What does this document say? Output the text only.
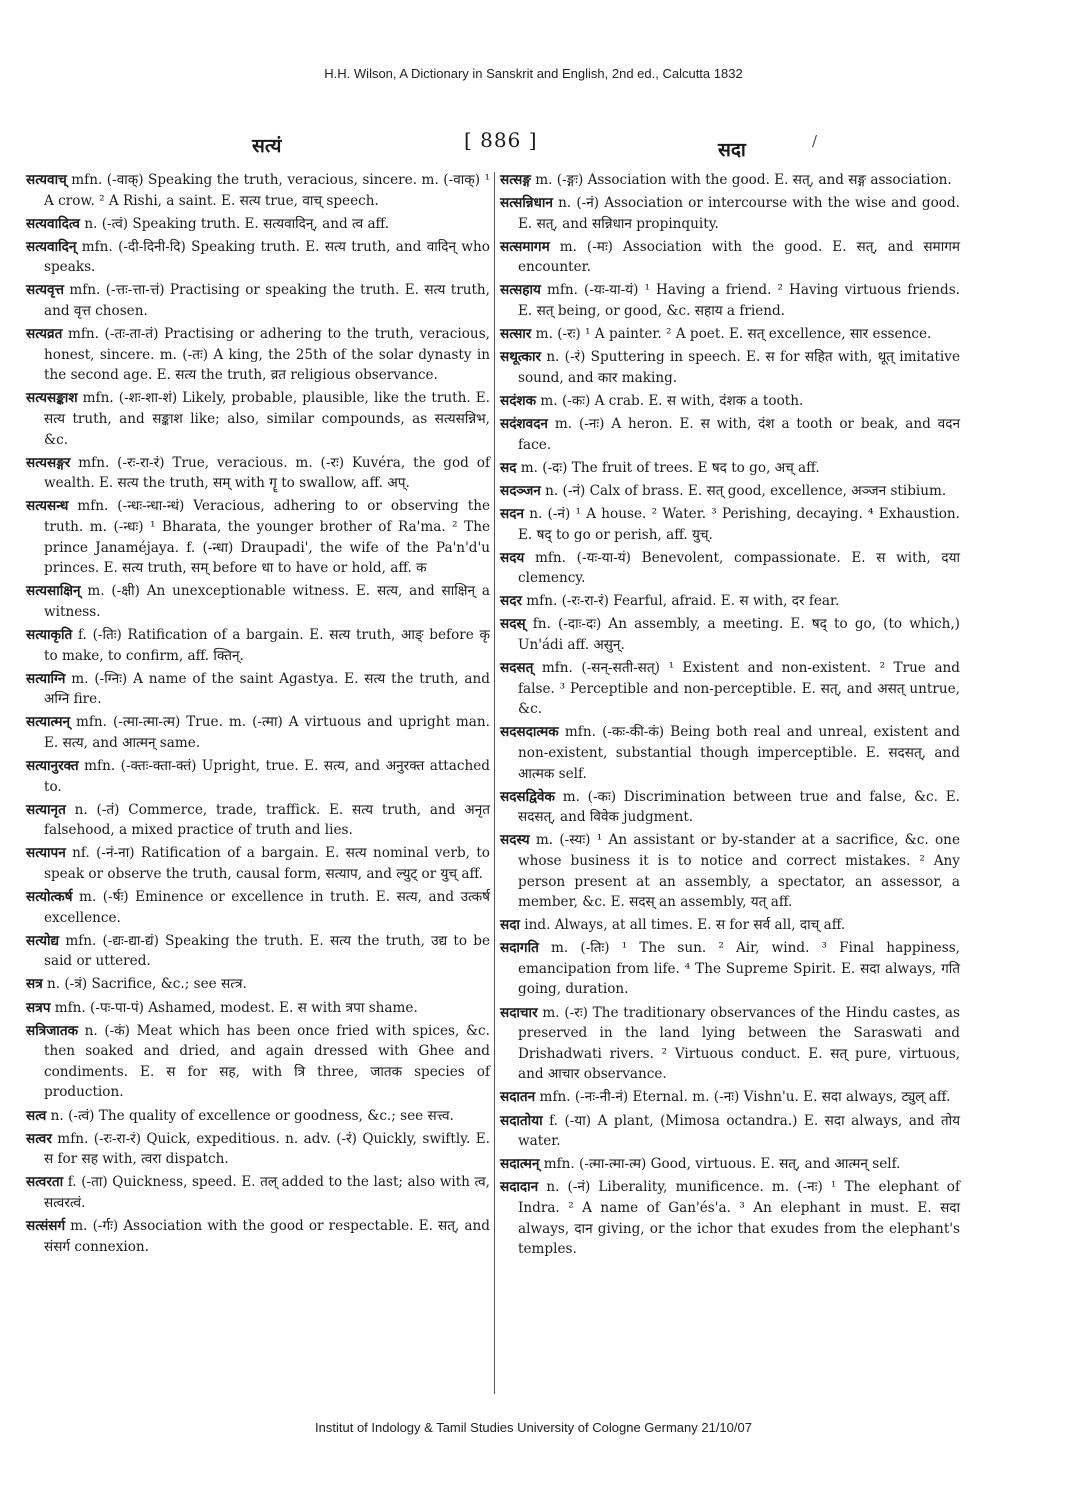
H.H. Wilson, A Dictionary in Sanskrit and English, 2nd ed., Calcutta 1832
सत्यं	[ 886 ]	सदा	/

सत्यवाच् mfn. (-वाक्) Speaking the truth, veracious, sincere. m. (-वाक्) ¹ A crow. ² A Rishi, a saint. E. सत्य true, वाच् speech.

सत्यवादित्व n. (-त्वं) Speaking truth. E. सत्यवादिन्, and त्व aff.

सत्यवादिन् mfn. (-दी-दिनी-दि) Speaking truth. E. सत्य truth, and वादिन् who speaks.

सत्यवृत्त mfn. (-त्तः-त्ता-त्तं) Practising or speaking the truth. E. सत्य truth, and वृत्त chosen.

सत्यव्रत mfn. (-तः-ता-तं) Practising or adhering to the truth, veracious, honest, sincere. m. (-तः) A king, the 25th of the solar dynasty in the second age. E. सत्य the truth, व्रत religious observance.

सत्यसङ्काश mfn. (-शः-शा-शं) Likely, probable, plausible, like the truth. E. सत्य truth, and सङ्काश like; also, similar compounds, as सत्यसन्निभ, &c.

सत्यसङ्गर mfn. (-रः-रा-रं) True, veracious. m. (-रः) Kuvéra, the god of wealth. E. सत्य the truth, सम् with गॄ to swallow, aff. अप्.

सत्यसन्ध mfn. (-न्धः-न्धा-न्धं) Veracious, adhering to or observing the truth. m. (-न्धः) ¹ Bharata, the younger brother of Ra'ma. ² The prince Janaméjaya. f. (-न्धा) Draupadi', the wife of the Pa'n'd'u princes. E. सत्य truth, सम् before धा to have or hold, aff. क

सत्यसाक्षिन् m. (-क्षी) An unexceptionable witness. E. सत्य, and साक्षिन् a witness.

सत्याकृति f. (-तिः) Ratification of a bargain. E. सत्य truth, आङ् before कृ to make, to confirm, aff. क्तिन्.

सत्याग्नि m. (-ग्निः) A name of the saint Agastya. E. सत्य the truth, and अग्नि fire.

सत्यात्मन् mfn. (-त्मा-त्मा-त्म) True. m. (-त्मा) A virtuous and upright man. E. सत्य, and आत्मन् same.

सत्यानुरक्त mfn. (-क्तः-क्ता-क्तं) Upright, true. E. सत्य, and अनुरक्त attached to.

सत्यानृत n. (-तं) Commerce, trade, traffick. E. सत्य truth, and अनृत falsehood, a mixed practice of truth and lies.

सत्यापन nf. (-नं-ना) Ratification of a bargain. E. सत्य nominal verb, to speak or observe the truth, causal form, सत्याप, and ल्युट् or युच् aff.

सत्योत्कर्ष m. (-र्षः) Eminence or excellence in truth. E. सत्य, and उत्कर्ष excellence.

सत्योद्य mfn. (-द्यः-द्या-द्यं) Speaking the truth. E. सत्य the truth, उद्य to be said or uttered.

सत्र n. (-त्रं) Sacrifice, &c.; see सत्त्र.

सत्रप mfn. (-पः-पा-पं) Ashamed, modest. E. स with त्रपा shame.

सत्रिजातक n. (-कं) Meat which has been once fried with spices, &c. then soaked and dried, and again dressed with Ghee and condiments. E. स for सह, with त्रि three, जातक species of production.

सत्व n. (-त्वं) The quality of excellence or goodness, &c.; see सत्त्व.

सत्वर mfn. (-रः-रा-रं) Quick, expeditious. n. adv. (-रं) Quickly, swiftly. E. स for सह with, त्वरा dispatch.

सत्वरता f. (-ता) Quickness, speed. E. तल् added to the last; also with त्व, सत्वरत्वं.

सत्संसर्ग m. (-र्गः) Association with the good or respectable. E. सत्, and संसर्ग connexion.

सत्सङ्ग m. (-ङ्गः) Association with the good. E. सत्, and सङ्ग association.

सत्सन्निधान n. (-नं) Association or intercourse with the wise and good. E. सत्, and सन्निधान propinquity.

सत्समागम m. (-मः) Association with the good. E. सत्, and समागम encounter.

सत्सहाय mfn. (-यः-या-यं) ¹ Having a friend. ² Having virtuous friends. E. सत् being, or good, &c. सहाय a friend.

सत्सार m. (-रः) ¹ A painter. ² A poet. E. सत् excellence, सार essence.

सथूत्कार n. (-रं) Sputtering in speech. E. स for सहित with, थूत् imitative sound, and कार making.

सदंशक m. (-कः) A crab. E. स with, दंशक a tooth.

सदंशवदन m. (-नः) A heron. E. स with, दंश a tooth or beak, and वदन face.

सद m. (-दः) The fruit of trees. E षद to go, अच् aff.

सदञ्जन n. (-नं) Calx of brass. E. सत् good, excellence, अञ्जन stibium.

सदन n. (-नं) ¹ A house. ² Water. ³ Perishing, decaying. ⁴ Exhaustion. E. षद् to go or perish, aff. युच्.

सदय mfn. (-यः-या-यं) Benevolent, compassionate. E. स with, दया clemency.

सदर mfn. (-रः-रा-रं) Fearful, afraid. E. स with, दर fear.

सदस् fn. (-दाः-दः) An assembly, a meeting. E. षद् to go, (to which,) Un'ádi aff. असुन्.

सदसत् mfn. (-सन्-सती-सत्) ¹ Existent and non-existent. ² True and false. ³ Perceptible and non-perceptible. E. सत्, and असत् untrue, &c.

सदसदात्मक mfn. (-कः-की-कं) Being both real and unreal, existent and non-existent, substantial though imperceptible. E. सदसत्, and आत्मक self.

सदसद्विवेक m. (-कः) Discrimination between true and false, &c. E. सदसत्, and विवेक judgment.

सदस्य m. (-स्यः) ¹ An assistant or by-stander at a sacrifice, &c. one whose business it is to notice and correct mistakes. ² Any person present at an assembly, a spectator, an assessor, a member, &c. E. सदस् an assembly, यत् aff.

सदा ind. Always, at all times. E. स for सर्व all, दाच् aff.

सदागति m. (-तिः) ¹ The sun. ² Air, wind. ³ Final happiness, emancipation from life. ⁴ The Supreme Spirit. E. सदा always, गति going, duration.

सदाचार m. (-रः) The traditionary observances of the Hindu castes, as preserved in the land lying between the Saraswati and Drishadwati rivers. ² Virtuous conduct. E. सत् pure, virtuous, and आचार observance.

सदातन mfn. (-नः-नी-नं) Eternal. m. (-नः) Vishn'u. E. सदा always, ट्युल् aff.

सदातोया f. (-या) A plant, (Mimosa octandra.) E. सदा always, and तोय water.

सदात्मन् mfn. (-त्मा-त्मा-त्म) Good, virtuous. E. सत्, and आत्मन् self.

सदादान n. (-नं) Liberality, munificence. m. (-नः) ¹ The elephant of Indra. ² A name of Gan'és'a. ³ An elephant in must. E. सदा always, दान giving, or the ichor that exudes from the elephant's temples.

Institut of Indology & Tamil Studies University of Cologne Germany 21/10/07
